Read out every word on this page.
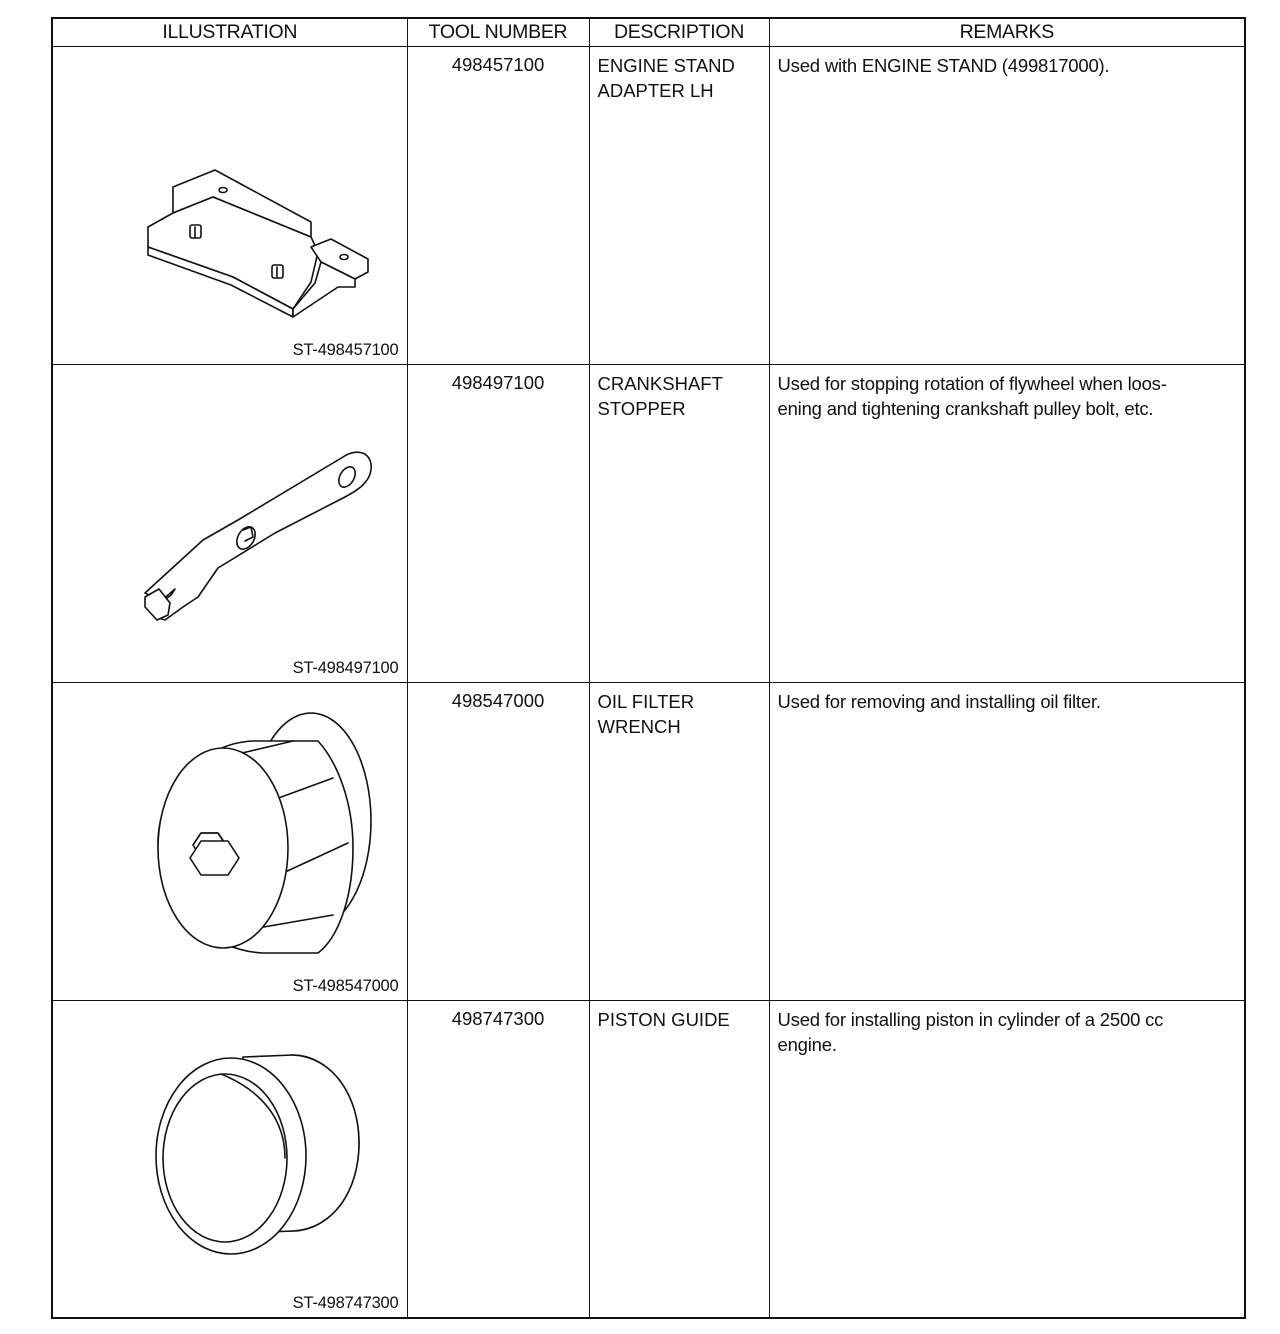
ILLUSTRATION	TOOL NUMBER	DESCRIPTION	REMARKS

ST-498457100	498457100	ENGINE STAND
ADAPTER LH	Used with ENGINE STAND (499817000).

ST-498497100	498497100	CRANKSHAFT
STOPPER	Used for stopping rotation of flywheel when loos-
ening and tightening crankshaft pulley bolt, etc.

ST-498547000	498547000	OIL FILTER
WRENCH	Used for removing and installing oil filter.

ST-498747300	498747300	PISTON GUIDE	Used for installing piston in cylinder of a 2500 cc
engine.
